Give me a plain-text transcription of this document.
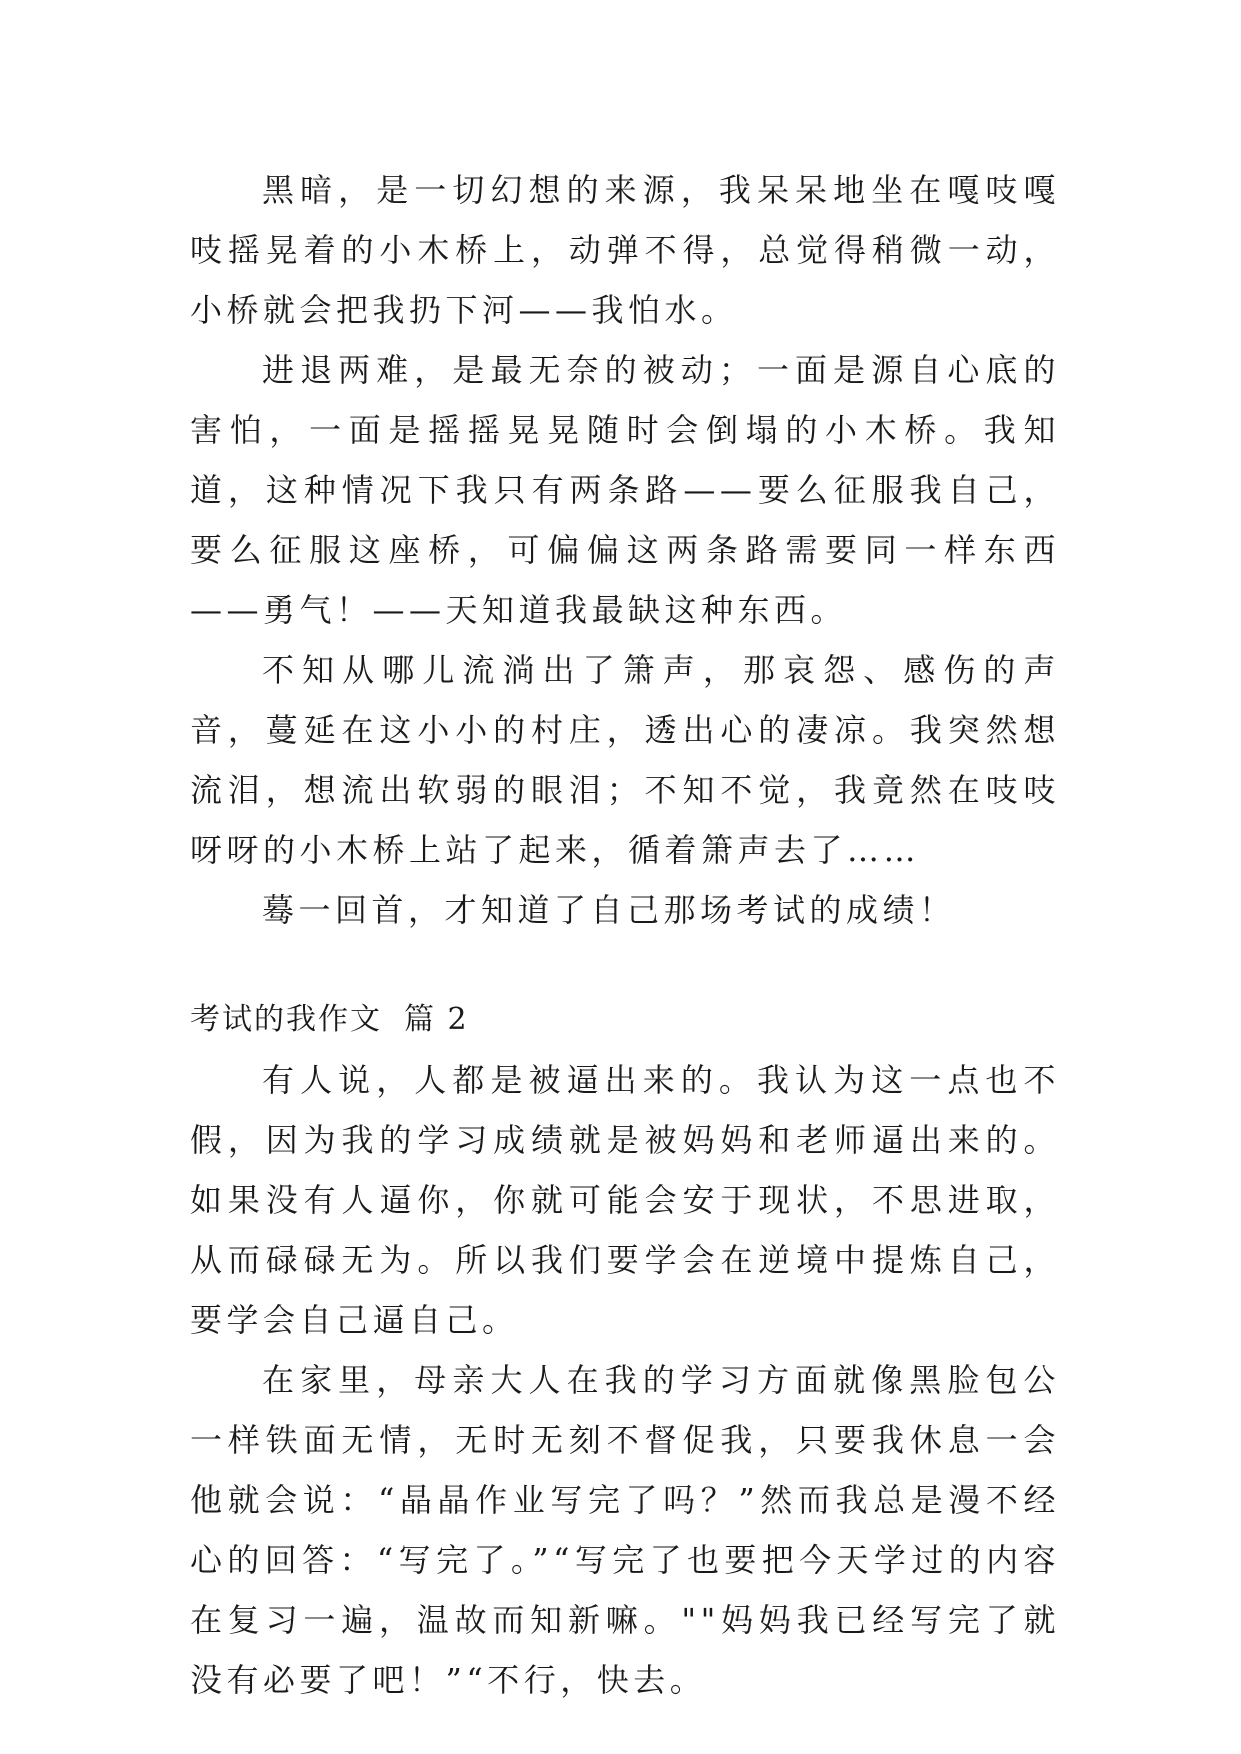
黑暗，是一切幻想的来源，我呆呆地坐在嘎吱嘎吱摇晃着的小木桥上，动弹不得，总觉得稍微一动，小桥就会把我扔下河——我怕水。

进退两难，是最无奈的被动；一面是源自心底的害怕，一面是摇摇晃晃随时会倒塌的小木桥。我知道，这种情况下我只有两条路——要么征服我自己，要么征服这座桥，可偏偏这两条路需要同一样东西——勇气！——天知道我最缺这种东西。

不知从哪儿流淌出了箫声，那哀怨、感伤的声音，蔓延在这小小的村庄，透出心的凄凉。我突然想流泪，想流出软弱的眼泪；不知不觉，我竟然在吱吱呀呀的小木桥上站了起来，循着箫声去了……

蓦一回首，才知道了自己那场考试的成绩！

考试的我作文 篇 2

有人说，人都是被逼出来的。我认为这一点也不假，因为我的学习成绩就是被妈妈和老师逼出来的。如果没有人逼你，你就可能会安于现状，不思进取，从而碌碌无为。所以我们要学会在逆境中提炼自己，要学会自己逼自己。

在家里，母亲大人在我的学习方面就像黑脸包公一样铁面无情，无时无刻不督促我，只要我休息一会他就会说：“晶晶作业写完了吗？”然而我总是漫不经心的回答：“写完了。”“写完了也要把今天学过的内容在复习一遍，温故而知新嘛。""妈妈我已经写完了就没有必要了吧！”“不行，快去。
